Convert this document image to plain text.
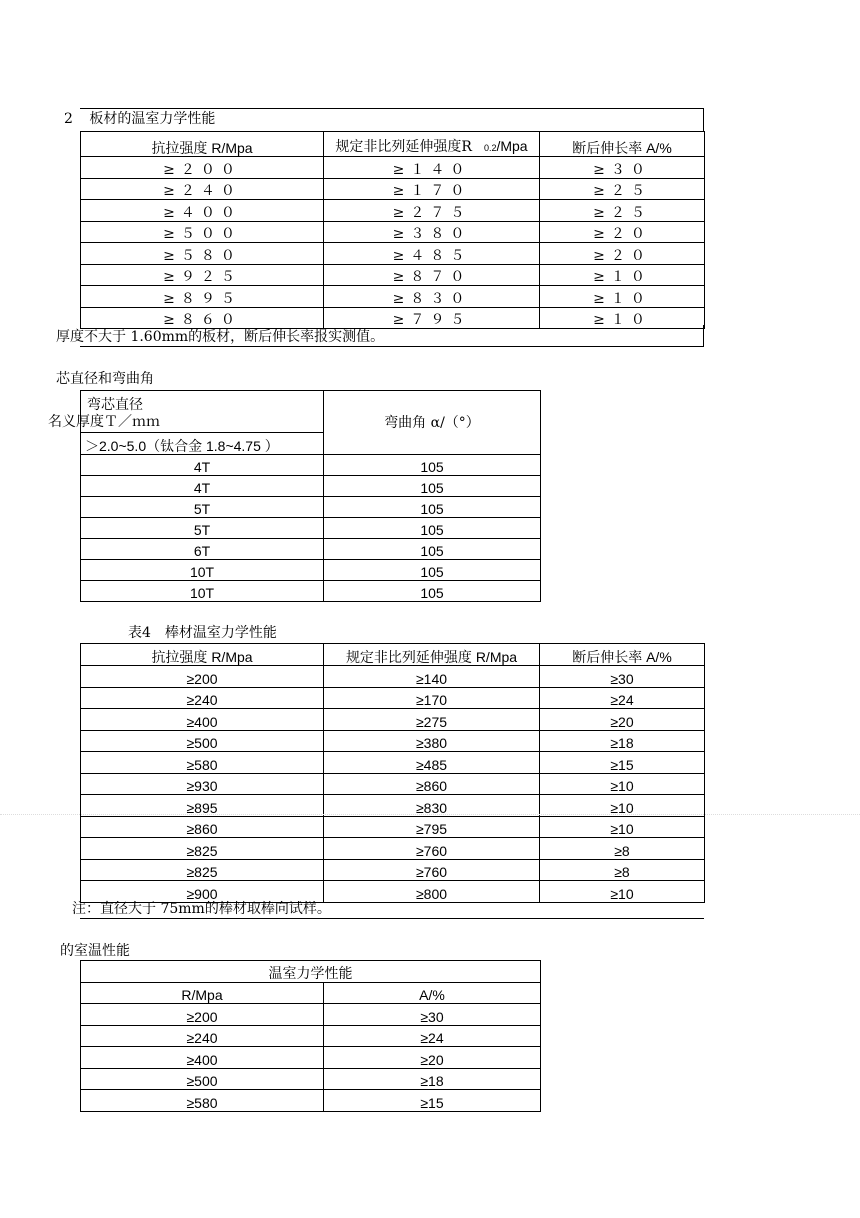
2 板材的温室力学性能
抗拉强度 R/Mpa	规定非比列延伸强度R 0.2/Mpa	断后伸长率 A/%
≥２００	≥１４０	≥３０
≥２４０	≥１７０	≥２５
≥４００	≥２７５	≥２５
≥５００	≥３８０	≥２０
≥５８０	≥４８５	≥２０
≥９２５	≥８７０	≥１０
≥８９５	≥８３０	≥１０
≥８６０	≥７９５	≥１０
厚度不大于 1.60mm的板材，断后伸长率报实测值。
芯直径和弯曲角
弯芯直径	弯曲角 α/（°）

名义厚度Ｔ／ｍｍ	

＞2.0~5.0（钛合金 1.8~4.75 ）	
4T	105
4T	105
5T	105
5T	105
6T	105
10T	105
10T	105
表4　棒材温室力学性能
抗拉强度 R/Mpa	规定非比列延伸强度 R/Mpa	断后伸长率 A/%
≥200	≥140	≥30
≥240	≥170	≥24
≥400	≥275	≥20
≥500	≥380	≥18
≥580	≥485	≥15
≥930	≥860	≥10
≥895	≥830	≥10
≥860	≥795	≥10
≥825	≥760	≥8
≥825	≥760	≥8
≥900	≥800	≥10
注：直径大于 75mm的棒材取棒向试样。
的室温性能
温室力学性能	
R/Mpa	A/%
≥200	≥30
≥240	≥24
≥400	≥20
≥500	≥18
≥580	≥15
